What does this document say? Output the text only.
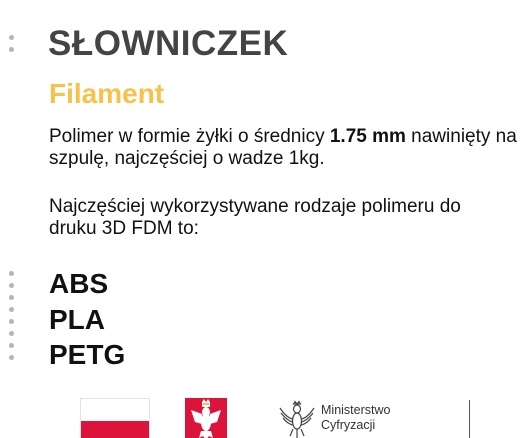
SŁOWNICZEK
Filament

Polimer w formie żyłki o średnicy 1.75 mm nawinięty na szpulę, najczęściej o wadze 1kg.

Najczęściej wykorzystywane rodzaje polimeru do druku 3D FDM to:

ABS
PLA
PETG
Ministerstwo
Cyfryzacji
